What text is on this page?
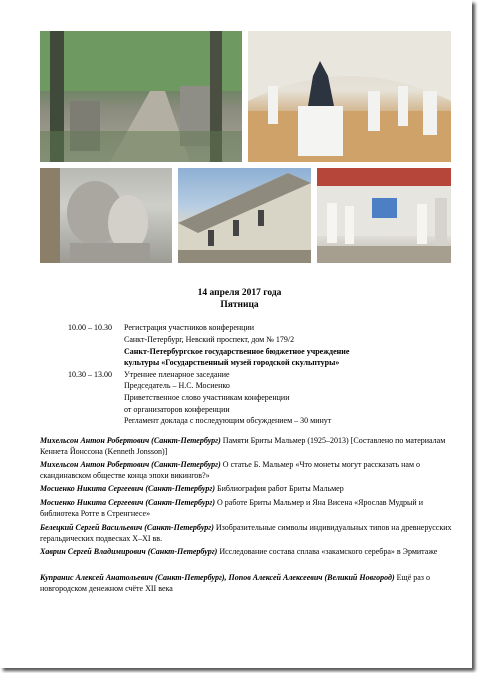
14 апреля 2017 года
Пятница
10.00 – 10.30 Регистрация участников конференции
Санкт-Петербург, Невский проспект, дом № 179/2
Санкт-Петербургское государственное бюджетное учреждение
культуры «Государственный музей городской скульптуры»
10.30 – 13.00 Утреннее пленарное заседание
Председатель – Н.С. Мосиенко
Приветственное слово участникам конференции
от организаторов конференции
Регламент доклада с последующим обсуждением – 30 минут
Михельсон Антон Робертович (Санкт-Петербург) Памяти Бриты Мальмер (1925–2013) [Составлено по материалам Кеннета Йонссона (Kenneth Jonsson)]
Михельсон Антон Робертович (Санкт-Петербург) О статье Б. Мальмер «Что монеты могут рассказать нам о скандинавском обществе конца эпохи викингов?»
Мосиенко Никита Сергеевич (Санкт-Петербург) Библиография работ Бриты Мальмер
Мосиенко Никита Сергеевич (Санкт-Петербург) О работе Бриты Мальмер и Яна Висена «Ярослав Мудрый и библиотека Ротге в Стренгнесе»
Белецкий Сергей Васильевич (Санкт-Петербург) Изобразительные символы индивидуальных типов на древнерусских геральдических подвесках X–XI вв.
Хаврин Сергей Владимирович (Санкт-Петербург) Исследование состава сплава «закамского серебра» в Эрмитаже
Купранис Алексей Анатольевич (Санкт-Петербург), Попов Алексей Алексеевич (Великий Новгород) Ещё раз о новгородском денежном счёте XII века
